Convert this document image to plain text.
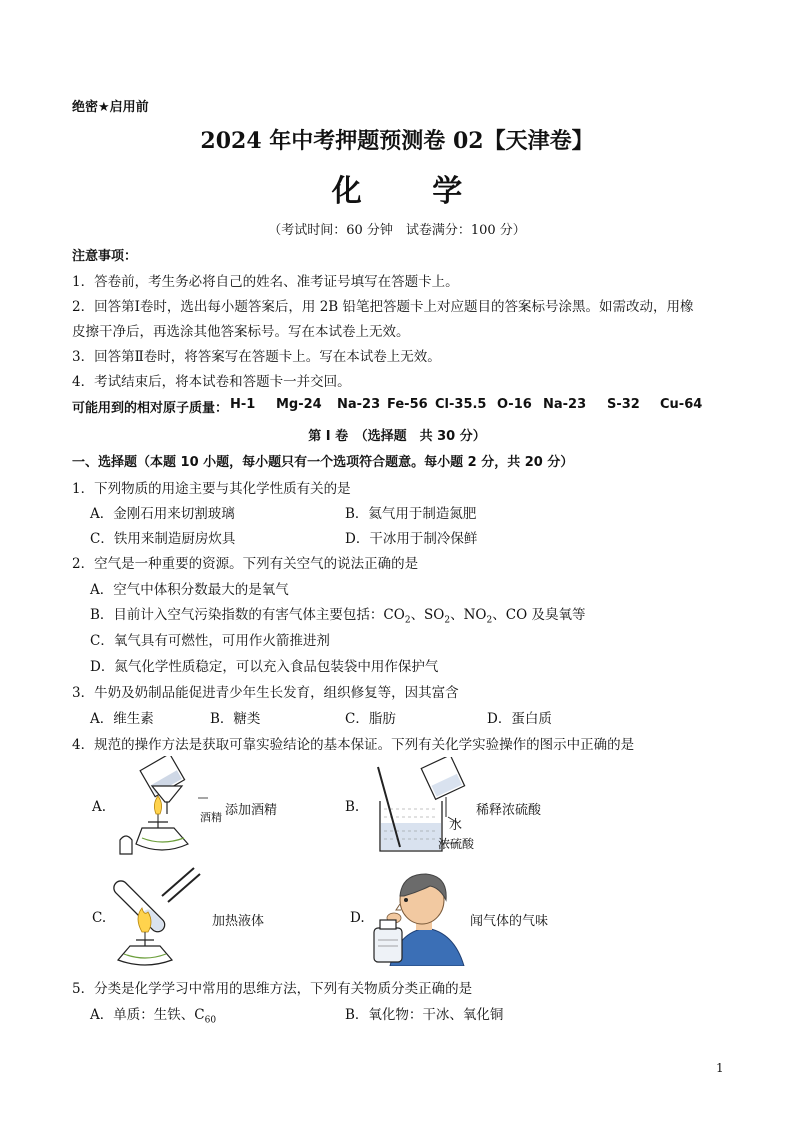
绝密★启用前
2024 年中考押题预测卷 02【天津卷】
化 学
（考试时间：60 分钟　试卷满分：100 分）
注意事项：
1．答卷前，考生务必将自己的姓名、准考证号填写在答题卡上。
2．回答第Ⅰ卷时，选出每小题答案后，用 2B 铅笔把答题卡上对应题目的答案标号涂黑。如需改动，用橡
皮擦干净后，再选涂其他答案标号。写在本试卷上无效。
3．回答第Ⅱ卷时，将答案写在答题卡上。写在本试卷上无效。
4．考试结束后，将本试卷和答题卡一并交回。
可能用到的相对原子质量： H-1 Mg-24 Na-23 Fe-56 Cl-35.5 O-16 Na-23 S-32 Cu-64
第 I 卷　（选择题　共 30 分）
一、选择题（本题 10 小题，每小题只有一个选项符合题意。每小题 2 分，共 20 分）
1．下列物质的用途主要与其化学性质有关的是
A．金刚石用来切割玻璃	B．氦气用于制造氮肥
C．铁用来制造厨房炊具	D．干冰用于制冷保鲜
2．空气是一种重要的资源。下列有关空气的说法正确的是
A．空气中体积分数最大的是氧气
B．目前计入空气污染指数的有害气体主要包括：$CO_2$、$SO_2$、$NO_2$、CO 及臭氧等
C．氧气具有可燃性，可用作火箭推进剂
D．氮气化学性质稳定，可以充入食品包装袋中用作保护气
3．牛奶及奶制品能促进青少年生长发育，组织修复等，因其富含
A．维生素	B．糖类	C．脂肪	D．蛋白质
4．规范的操作方法是获取可靠实验结论的基本保证。下列有关化学实验操作的图示中正确的是
A.	添加酒精
酒精
B.	稀释浓硫酸
水
浓硫酸
C.	加热液体	D.	闻气体的气味
5．分类是化学学习中常用的思维方法，下列有关物质分类正确的是
A．单质：生铁、$C_{60}$	B．氧化物：干冰、氧化铜
1
